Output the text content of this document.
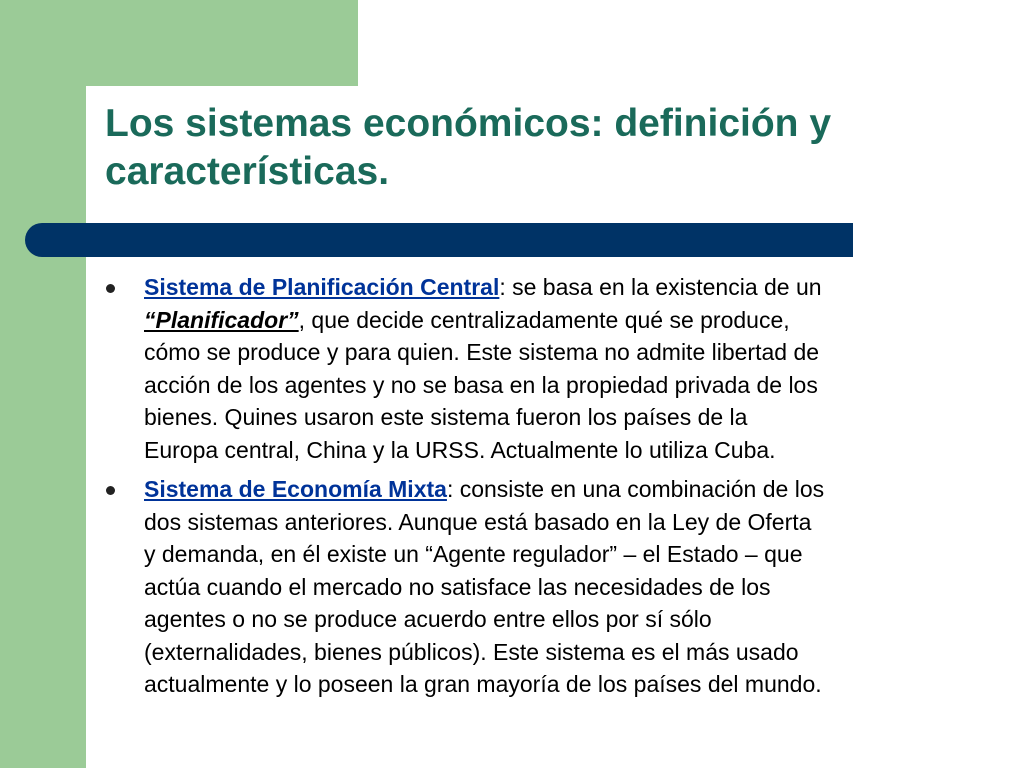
Los sistemas económicos: definición y
características.
Sistema de Planificación Central: se basa en la existencia de un
“Planificador”, que decide centralizadamente qué se produce,
cómo se produce y para quien. Este sistema no admite libertad de
acción de los agentes y no se basa en la propiedad privada de los
bienes. Quines usaron este sistema fueron los países de la
Europa central, China y la URSS. Actualmente lo utiliza Cuba.
Sistema de Economía Mixta: consiste en una combinación de los
dos sistemas anteriores. Aunque está basado en la Ley de Oferta
y demanda, en él existe un “Agente regulador” – el Estado – que
actúa cuando el mercado no satisface las necesidades de los
agentes o no se produce acuerdo entre ellos por sí sólo
(externalidades, bienes públicos). Este sistema es el más usado
actualmente y lo poseen la gran mayoría de los países del mundo.
